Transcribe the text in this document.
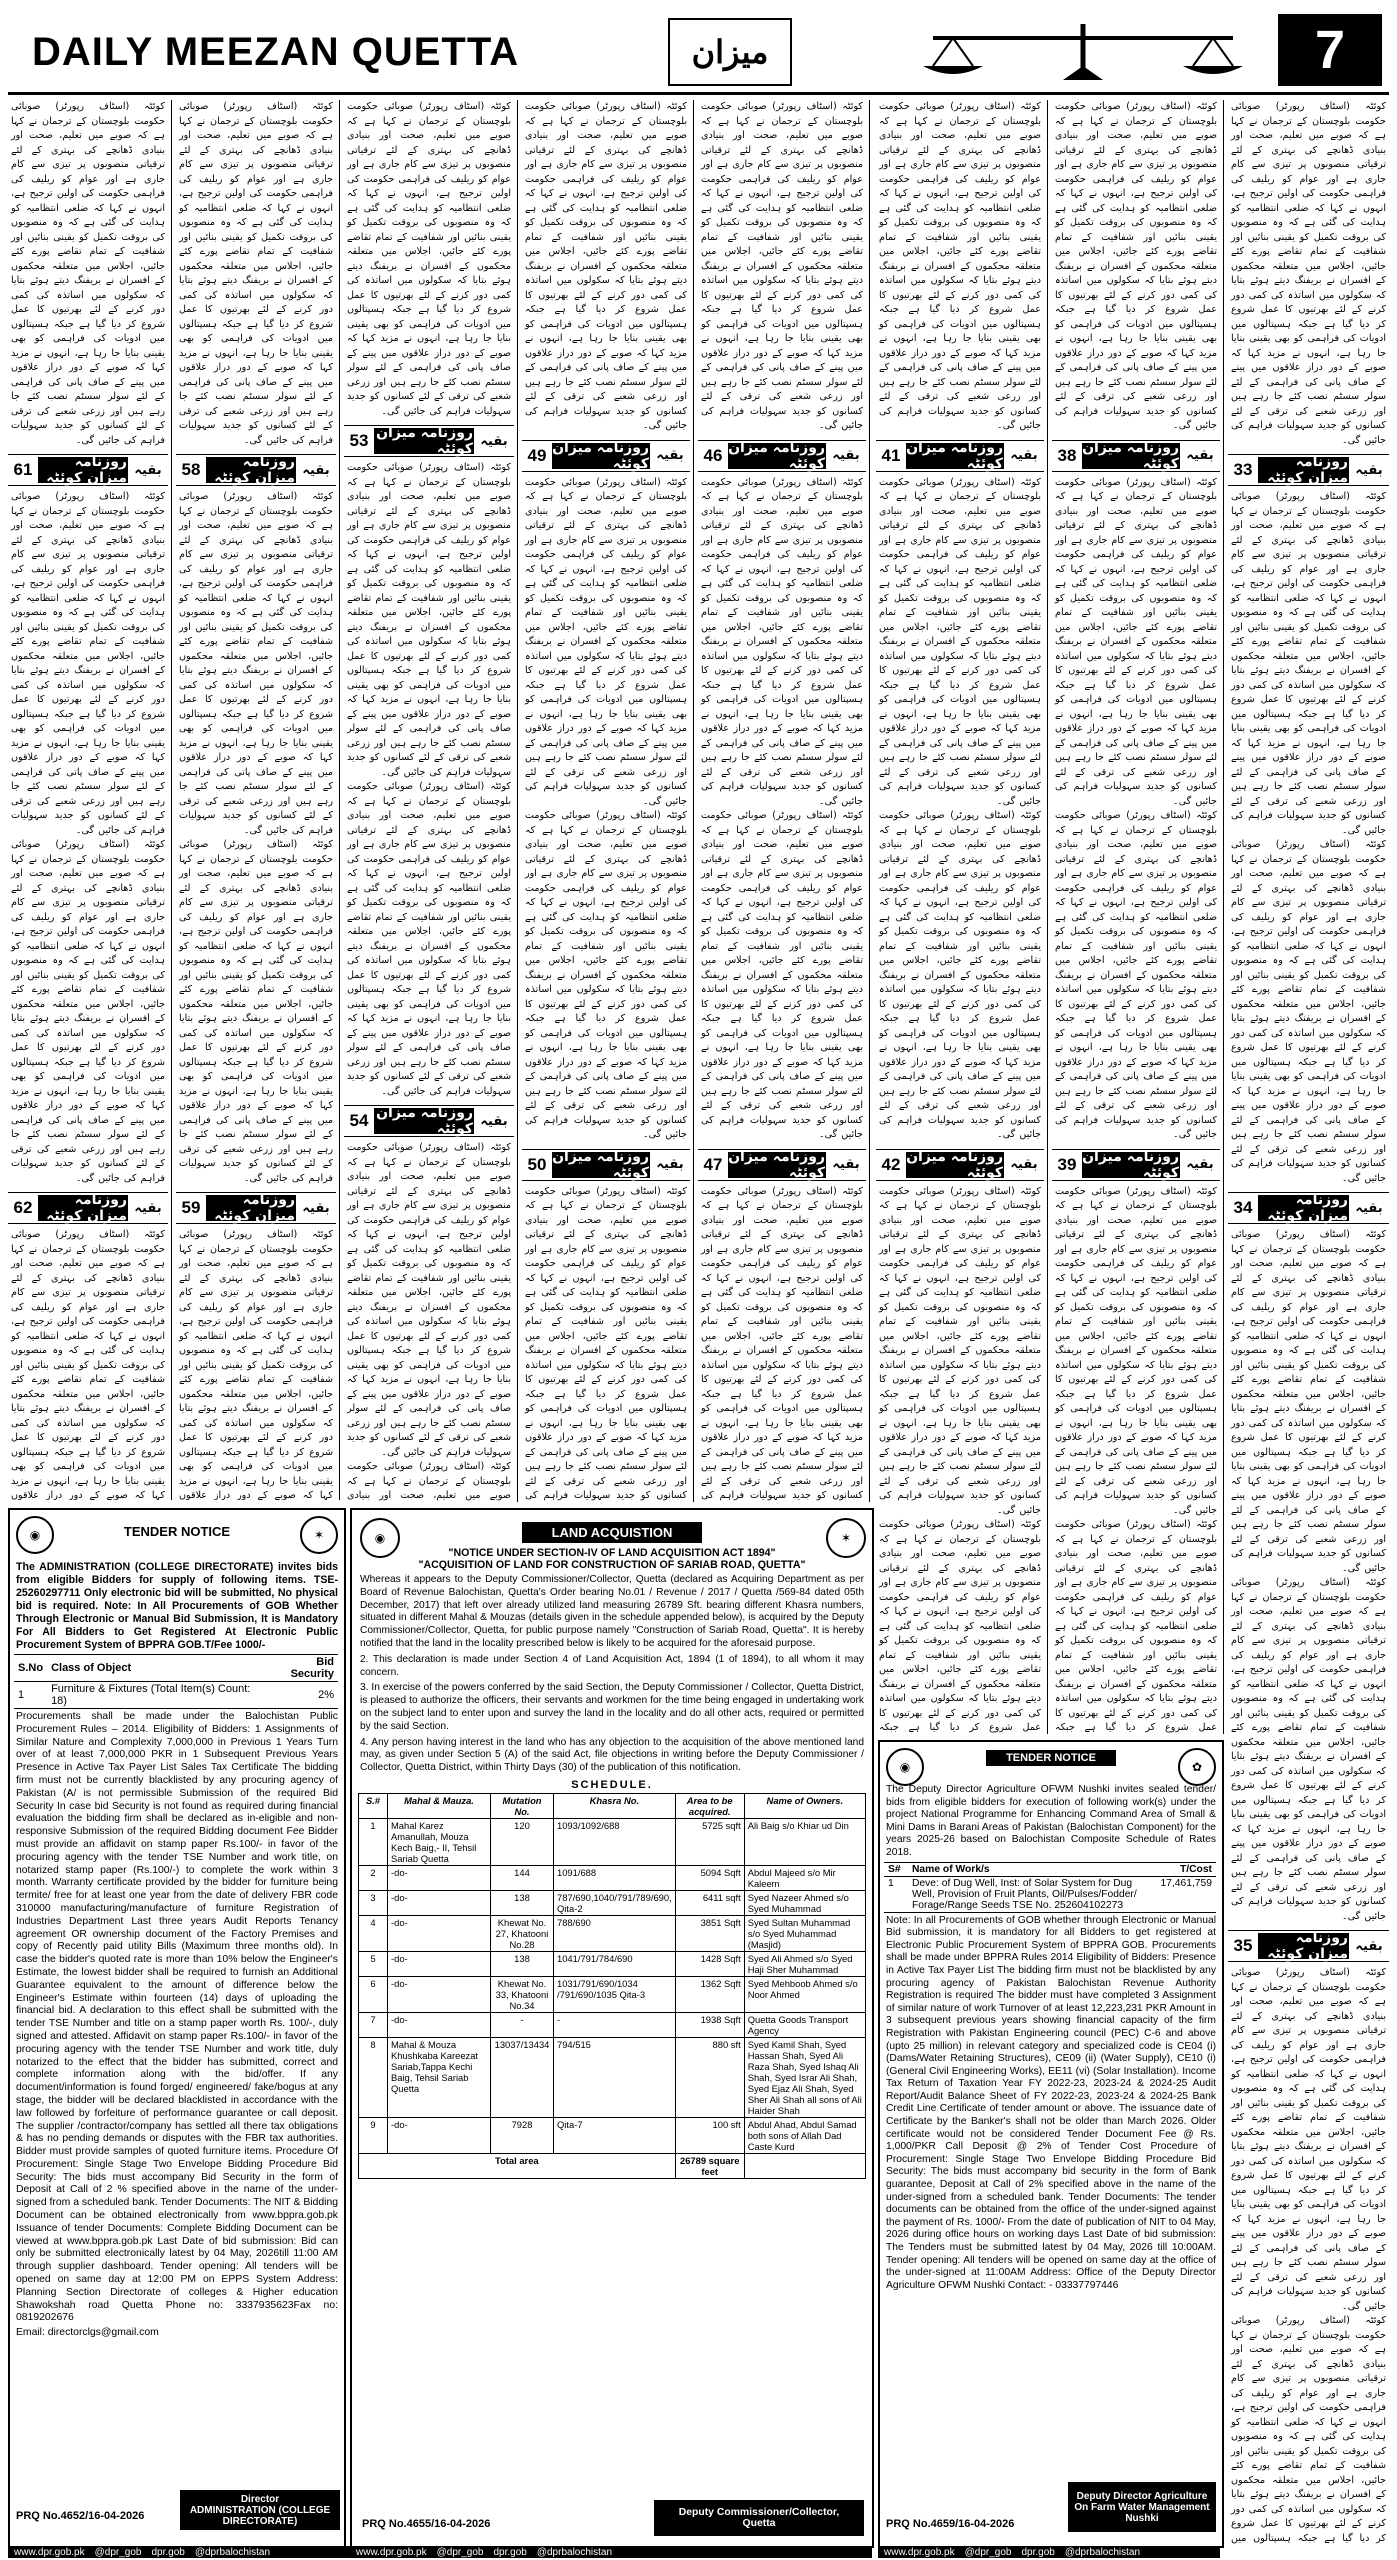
DAILY MEEZAN QUETTA	میزان	7
کوئٹہ (اسٹاف رپورٹر) صوبائی حکومت بلوچستان کے ترجمان نے کہا ہے کہ صوبے میں تعلیم، صحت اور بنیادی ڈھانچے کی بہتری کے لئے ترقیاتی منصوبوں پر تیزی سے کام جاری ہے اور عوام کو ریلیف کی فراہمی حکومت کی اولین ترجیح ہے، انہوں نے کہا کہ ضلعی انتظامیہ کو ہدایت کی گئی ہے کہ وہ منصوبوں کی بروقت تکمیل کو یقینی بنائیں اور شفافیت کے تمام تقاضے پورے کئے جائیں، اجلاس میں متعلقہ محکموں کے افسران نے بریفنگ دیتے ہوئے بتایا کہ سکولوں میں اساتذہ کی کمی دور کرنے کے لئے بھرتیوں کا عمل شروع کر دیا گیا ہے جبکہ ہسپتالوں میں ادویات کی فراہمی کو بھی یقینی بنایا جا رہا ہے، انہوں نے مزید کہا کہ صوبے کے دور دراز علاقوں میں پینے کے صاف پانی کی فراہمی کے لئے سولر سسٹم نصب کئے جا رہے ہیں اور زرعی شعبے کی ترقی کے لئے کسانوں کو جدید سہولیات فراہم کی جائیں گی۔
61	روزنامہ میزان کوئٹہ بقیہ
کوئٹہ (اسٹاف رپورٹر) صوبائی حکومت بلوچستان کے ترجمان نے کہا ہے کہ صوبے میں تعلیم، صحت اور بنیادی ڈھانچے کی بہتری کے لئے ترقیاتی منصوبوں پر تیزی سے کام جاری ہے اور عوام کو ریلیف کی فراہمی حکومت کی اولین ترجیح ہے، انہوں نے کہا کہ ضلعی انتظامیہ کو ہدایت کی گئی ہے کہ وہ منصوبوں کی بروقت تکمیل کو یقینی بنائیں اور شفافیت کے تمام تقاضے پورے کئے جائیں، اجلاس میں متعلقہ محکموں کے افسران نے بریفنگ دیتے ہوئے بتایا کہ سکولوں میں اساتذہ کی کمی دور کرنے کے لئے بھرتیوں کا عمل شروع کر دیا گیا ہے جبکہ ہسپتالوں میں ادویات کی فراہمی کو بھی یقینی بنایا جا رہا ہے، انہوں نے مزید کہا کہ صوبے کے دور دراز علاقوں میں پینے کے صاف پانی کی فراہمی کے لئے سولر سسٹم نصب کئے جا رہے ہیں اور زرعی شعبے کی ترقی کے لئے کسانوں کو جدید سہولیات فراہم کی جائیں گی۔
کوئٹہ (اسٹاف رپورٹر) صوبائی حکومت بلوچستان کے ترجمان نے کہا ہے کہ صوبے میں تعلیم، صحت اور بنیادی ڈھانچے کی بہتری کے لئے ترقیاتی منصوبوں پر تیزی سے کام جاری ہے اور عوام کو ریلیف کی فراہمی حکومت کی اولین ترجیح ہے، انہوں نے کہا کہ ضلعی انتظامیہ کو ہدایت کی گئی ہے کہ وہ منصوبوں کی بروقت تکمیل کو یقینی بنائیں اور شفافیت کے تمام تقاضے پورے کئے جائیں، اجلاس میں متعلقہ محکموں کے افسران نے بریفنگ دیتے ہوئے بتایا کہ سکولوں میں اساتذہ کی کمی دور کرنے کے لئے بھرتیوں کا عمل شروع کر دیا گیا ہے جبکہ ہسپتالوں میں ادویات کی فراہمی کو بھی یقینی بنایا جا رہا ہے، انہوں نے مزید کہا کہ صوبے کے دور دراز علاقوں میں پینے کے صاف پانی کی فراہمی کے لئے سولر سسٹم نصب کئے جا رہے ہیں اور زرعی شعبے کی ترقی کے لئے کسانوں کو جدید سہولیات فراہم کی جائیں گی۔
62	روزنامہ میزان کوئٹہ بقیہ
کوئٹہ (اسٹاف رپورٹر) صوبائی حکومت بلوچستان کے ترجمان نے کہا ہے کہ صوبے میں تعلیم، صحت اور بنیادی ڈھانچے کی بہتری کے لئے ترقیاتی منصوبوں پر تیزی سے کام جاری ہے اور عوام کو ریلیف کی فراہمی حکومت کی اولین ترجیح ہے، انہوں نے کہا کہ ضلعی انتظامیہ کو ہدایت کی گئی ہے کہ وہ منصوبوں کی بروقت تکمیل کو یقینی بنائیں اور شفافیت کے تمام تقاضے پورے کئے جائیں، اجلاس میں متعلقہ محکموں کے افسران نے بریفنگ دیتے ہوئے بتایا کہ سکولوں میں اساتذہ کی کمی دور کرنے کے لئے بھرتیوں کا عمل شروع کر دیا گیا ہے جبکہ ہسپتالوں میں ادویات کی فراہمی کو بھی یقینی بنایا جا رہا ہے، انہوں نے مزید کہا کہ صوبے کے دور دراز علاقوں
کوئٹہ (اسٹاف رپورٹر) صوبائی حکومت بلوچستان کے ترجمان نے کہا ہے کہ صوبے میں تعلیم، صحت اور بنیادی ڈھانچے کی بہتری کے لئے ترقیاتی منصوبوں پر تیزی سے کام جاری ہے اور عوام کو ریلیف کی فراہمی حکومت کی اولین ترجیح ہے، انہوں نے کہا کہ ضلعی انتظامیہ کو ہدایت کی گئی ہے کہ وہ منصوبوں کی بروقت تکمیل کو یقینی بنائیں اور شفافیت کے تمام تقاضے پورے کئے جائیں، اجلاس میں متعلقہ محکموں کے افسران نے بریفنگ دیتے ہوئے بتایا کہ سکولوں میں اساتذہ کی کمی دور کرنے کے لئے بھرتیوں کا عمل شروع کر دیا گیا ہے جبکہ ہسپتالوں میں ادویات کی فراہمی کو بھی یقینی بنایا جا رہا ہے، انہوں نے مزید کہا کہ صوبے کے دور دراز علاقوں میں پینے کے صاف پانی کی فراہمی کے لئے سولر سسٹم نصب کئے جا رہے ہیں اور زرعی شعبے کی ترقی کے لئے کسانوں کو جدید سہولیات فراہم کی جائیں گی۔
58	روزنامہ میزان کوئٹہ بقیہ
کوئٹہ (اسٹاف رپورٹر) صوبائی حکومت بلوچستان کے ترجمان نے کہا ہے کہ صوبے میں تعلیم، صحت اور بنیادی ڈھانچے کی بہتری کے لئے ترقیاتی منصوبوں پر تیزی سے کام جاری ہے اور عوام کو ریلیف کی فراہمی حکومت کی اولین ترجیح ہے، انہوں نے کہا کہ ضلعی انتظامیہ کو ہدایت کی گئی ہے کہ وہ منصوبوں کی بروقت تکمیل کو یقینی بنائیں اور شفافیت کے تمام تقاضے پورے کئے جائیں، اجلاس میں متعلقہ محکموں کے افسران نے بریفنگ دیتے ہوئے بتایا کہ سکولوں میں اساتذہ کی کمی دور کرنے کے لئے بھرتیوں کا عمل شروع کر دیا گیا ہے جبکہ ہسپتالوں میں ادویات کی فراہمی کو بھی یقینی بنایا جا رہا ہے، انہوں نے مزید کہا کہ صوبے کے دور دراز علاقوں میں پینے کے صاف پانی کی فراہمی کے لئے سولر سسٹم نصب کئے جا رہے ہیں اور زرعی شعبے کی ترقی کے لئے کسانوں کو جدید سہولیات فراہم کی جائیں گی۔
کوئٹہ (اسٹاف رپورٹر) صوبائی حکومت بلوچستان کے ترجمان نے کہا ہے کہ صوبے میں تعلیم، صحت اور بنیادی ڈھانچے کی بہتری کے لئے ترقیاتی منصوبوں پر تیزی سے کام جاری ہے اور عوام کو ریلیف کی فراہمی حکومت کی اولین ترجیح ہے، انہوں نے کہا کہ ضلعی انتظامیہ کو ہدایت کی گئی ہے کہ وہ منصوبوں کی بروقت تکمیل کو یقینی بنائیں اور شفافیت کے تمام تقاضے پورے کئے جائیں، اجلاس میں متعلقہ محکموں کے افسران نے بریفنگ دیتے ہوئے بتایا کہ سکولوں میں اساتذہ کی کمی دور کرنے کے لئے بھرتیوں کا عمل شروع کر دیا گیا ہے جبکہ ہسپتالوں میں ادویات کی فراہمی کو بھی یقینی بنایا جا رہا ہے، انہوں نے مزید کہا کہ صوبے کے دور دراز علاقوں میں پینے کے صاف پانی کی فراہمی کے لئے سولر سسٹم نصب کئے جا رہے ہیں اور زرعی شعبے کی ترقی کے لئے کسانوں کو جدید سہولیات فراہم کی جائیں گی۔
59	روزنامہ میزان کوئٹہ بقیہ
کوئٹہ (اسٹاف رپورٹر) صوبائی حکومت بلوچستان کے ترجمان نے کہا ہے کہ صوبے میں تعلیم، صحت اور بنیادی ڈھانچے کی بہتری کے لئے ترقیاتی منصوبوں پر تیزی سے کام جاری ہے اور عوام کو ریلیف کی فراہمی حکومت کی اولین ترجیح ہے، انہوں نے کہا کہ ضلعی انتظامیہ کو ہدایت کی گئی ہے کہ وہ منصوبوں کی بروقت تکمیل کو یقینی بنائیں اور شفافیت کے تمام تقاضے پورے کئے جائیں، اجلاس میں متعلقہ محکموں کے افسران نے بریفنگ دیتے ہوئے بتایا کہ سکولوں میں اساتذہ کی کمی دور کرنے کے لئے بھرتیوں کا عمل شروع کر دیا گیا ہے جبکہ ہسپتالوں میں ادویات کی فراہمی کو بھی یقینی بنایا جا رہا ہے، انہوں نے مزید کہا کہ صوبے کے دور دراز علاقوں
کوئٹہ (اسٹاف رپورٹر) صوبائی حکومت بلوچستان کے ترجمان نے کہا ہے کہ صوبے میں تعلیم، صحت اور بنیادی ڈھانچے کی بہتری کے لئے ترقیاتی منصوبوں پر تیزی سے کام جاری ہے اور عوام کو ریلیف کی فراہمی حکومت کی اولین ترجیح ہے، انہوں نے کہا کہ ضلعی انتظامیہ کو ہدایت کی گئی ہے کہ وہ منصوبوں کی بروقت تکمیل کو یقینی بنائیں اور شفافیت کے تمام تقاضے پورے کئے جائیں، اجلاس میں متعلقہ محکموں کے افسران نے بریفنگ دیتے ہوئے بتایا کہ سکولوں میں اساتذہ کی کمی دور کرنے کے لئے بھرتیوں کا عمل شروع کر دیا گیا ہے جبکہ ہسپتالوں میں ادویات کی فراہمی کو بھی یقینی بنایا جا رہا ہے، انہوں نے مزید کہا کہ صوبے کے دور دراز علاقوں میں پینے کے صاف پانی کی فراہمی کے لئے سولر سسٹم نصب کئے جا رہے ہیں اور زرعی شعبے کی ترقی کے لئے کسانوں کو جدید سہولیات فراہم کی جائیں گی۔
53 روزنامہ میزان کوئٹہ بقیہ
کوئٹہ (اسٹاف رپورٹر) صوبائی حکومت بلوچستان کے ترجمان نے کہا ہے کہ صوبے میں تعلیم، صحت اور بنیادی ڈھانچے کی بہتری کے لئے ترقیاتی منصوبوں پر تیزی سے کام جاری ہے اور عوام کو ریلیف کی فراہمی حکومت کی اولین ترجیح ہے، انہوں نے کہا کہ ضلعی انتظامیہ کو ہدایت کی گئی ہے کہ وہ منصوبوں کی بروقت تکمیل کو یقینی بنائیں اور شفافیت کے تمام تقاضے پورے کئے جائیں، اجلاس میں متعلقہ محکموں کے افسران نے بریفنگ دیتے ہوئے بتایا کہ سکولوں میں اساتذہ کی کمی دور کرنے کے لئے بھرتیوں کا عمل شروع کر دیا گیا ہے جبکہ ہسپتالوں میں ادویات کی فراہمی کو بھی یقینی بنایا جا رہا ہے، انہوں نے مزید کہا کہ صوبے کے دور دراز علاقوں میں پینے کے صاف پانی کی فراہمی کے لئے سولر سسٹم نصب کئے جا رہے ہیں اور زرعی شعبے کی ترقی کے لئے کسانوں کو جدید سہولیات فراہم کی جائیں گی۔
کوئٹہ (اسٹاف رپورٹر) صوبائی حکومت بلوچستان کے ترجمان نے کہا ہے کہ صوبے میں تعلیم، صحت اور بنیادی ڈھانچے کی بہتری کے لئے ترقیاتی منصوبوں پر تیزی سے کام جاری ہے اور عوام کو ریلیف کی فراہمی حکومت کی اولین ترجیح ہے، انہوں نے کہا کہ ضلعی انتظامیہ کو ہدایت کی گئی ہے کہ وہ منصوبوں کی بروقت تکمیل کو یقینی بنائیں اور شفافیت کے تمام تقاضے پورے کئے جائیں، اجلاس میں متعلقہ محکموں کے افسران نے بریفنگ دیتے ہوئے بتایا کہ سکولوں میں اساتذہ کی کمی دور کرنے کے لئے بھرتیوں کا عمل شروع کر دیا گیا ہے جبکہ ہسپتالوں میں ادویات کی فراہمی کو بھی یقینی بنایا جا رہا ہے، انہوں نے مزید کہا کہ صوبے کے دور دراز علاقوں میں پینے کے صاف پانی کی فراہمی کے لئے سولر سسٹم نصب کئے جا رہے ہیں اور زرعی شعبے کی ترقی کے لئے کسانوں کو جدید سہولیات فراہم کی جائیں گی۔
54 روزنامہ میزان کوئٹہ بقیہ
کوئٹہ (اسٹاف رپورٹر) صوبائی حکومت بلوچستان کے ترجمان نے کہا ہے کہ صوبے میں تعلیم، صحت اور بنیادی ڈھانچے کی بہتری کے لئے ترقیاتی منصوبوں پر تیزی سے کام جاری ہے اور عوام کو ریلیف کی فراہمی حکومت کی اولین ترجیح ہے، انہوں نے کہا کہ ضلعی انتظامیہ کو ہدایت کی گئی ہے کہ وہ منصوبوں کی بروقت تکمیل کو یقینی بنائیں اور شفافیت کے تمام تقاضے پورے کئے جائیں، اجلاس میں متعلقہ محکموں کے افسران نے بریفنگ دیتے ہوئے بتایا کہ سکولوں میں اساتذہ کی کمی دور کرنے کے لئے بھرتیوں کا عمل شروع کر دیا گیا ہے جبکہ ہسپتالوں میں ادویات کی فراہمی کو بھی یقینی بنایا جا رہا ہے، انہوں نے مزید کہا کہ صوبے کے دور دراز علاقوں میں پینے کے صاف پانی کی فراہمی کے لئے سولر سسٹم نصب کئے جا رہے ہیں اور زرعی شعبے کی ترقی کے لئے کسانوں کو جدید سہولیات فراہم کی جائیں گی۔
کوئٹہ (اسٹاف رپورٹر) صوبائی حکومت بلوچستان کے ترجمان نے کہا ہے کہ صوبے میں تعلیم، صحت اور بنیادی
کوئٹہ (اسٹاف رپورٹر) صوبائی حکومت بلوچستان کے ترجمان نے کہا ہے کہ صوبے میں تعلیم، صحت اور بنیادی ڈھانچے کی بہتری کے لئے ترقیاتی منصوبوں پر تیزی سے کام جاری ہے اور عوام کو ریلیف کی فراہمی حکومت کی اولین ترجیح ہے، انہوں نے کہا کہ ضلعی انتظامیہ کو ہدایت کی گئی ہے کہ وہ منصوبوں کی بروقت تکمیل کو یقینی بنائیں اور شفافیت کے تمام تقاضے پورے کئے جائیں، اجلاس میں متعلقہ محکموں کے افسران نے بریفنگ دیتے ہوئے بتایا کہ سکولوں میں اساتذہ کی کمی دور کرنے کے لئے بھرتیوں کا عمل شروع کر دیا گیا ہے جبکہ ہسپتالوں میں ادویات کی فراہمی کو بھی یقینی بنایا جا رہا ہے، انہوں نے مزید کہا کہ صوبے کے دور دراز علاقوں میں پینے کے صاف پانی کی فراہمی کے لئے سولر سسٹم نصب کئے جا رہے ہیں اور زرعی شعبے کی ترقی کے لئے کسانوں کو جدید سہولیات فراہم کی جائیں گی۔
49 روزنامہ میزان کوئٹہ بقیہ
کوئٹہ (اسٹاف رپورٹر) صوبائی حکومت بلوچستان کے ترجمان نے کہا ہے کہ صوبے میں تعلیم، صحت اور بنیادی ڈھانچے کی بہتری کے لئے ترقیاتی منصوبوں پر تیزی سے کام جاری ہے اور عوام کو ریلیف کی فراہمی حکومت کی اولین ترجیح ہے، انہوں نے کہا کہ ضلعی انتظامیہ کو ہدایت کی گئی ہے کہ وہ منصوبوں کی بروقت تکمیل کو یقینی بنائیں اور شفافیت کے تمام تقاضے پورے کئے جائیں، اجلاس میں متعلقہ محکموں کے افسران نے بریفنگ دیتے ہوئے بتایا کہ سکولوں میں اساتذہ کی کمی دور کرنے کے لئے بھرتیوں کا عمل شروع کر دیا گیا ہے جبکہ ہسپتالوں میں ادویات کی فراہمی کو بھی یقینی بنایا جا رہا ہے، انہوں نے مزید کہا کہ صوبے کے دور دراز علاقوں میں پینے کے صاف پانی کی فراہمی کے لئے سولر سسٹم نصب کئے جا رہے ہیں اور زرعی شعبے کی ترقی کے لئے کسانوں کو جدید سہولیات فراہم کی جائیں گی۔
کوئٹہ (اسٹاف رپورٹر) صوبائی حکومت بلوچستان کے ترجمان نے کہا ہے کہ صوبے میں تعلیم، صحت اور بنیادی ڈھانچے کی بہتری کے لئے ترقیاتی منصوبوں پر تیزی سے کام جاری ہے اور عوام کو ریلیف کی فراہمی حکومت کی اولین ترجیح ہے، انہوں نے کہا کہ ضلعی انتظامیہ کو ہدایت کی گئی ہے کہ وہ منصوبوں کی بروقت تکمیل کو یقینی بنائیں اور شفافیت کے تمام تقاضے پورے کئے جائیں، اجلاس میں متعلقہ محکموں کے افسران نے بریفنگ دیتے ہوئے بتایا کہ سکولوں میں اساتذہ کی کمی دور کرنے کے لئے بھرتیوں کا عمل شروع کر دیا گیا ہے جبکہ ہسپتالوں میں ادویات کی فراہمی کو بھی یقینی بنایا جا رہا ہے، انہوں نے مزید کہا کہ صوبے کے دور دراز علاقوں میں پینے کے صاف پانی کی فراہمی کے لئے سولر سسٹم نصب کئے جا رہے ہیں اور زرعی شعبے کی ترقی کے لئے کسانوں کو جدید سہولیات فراہم کی جائیں گی۔
50 روزنامہ میزان کوئٹہ بقیہ
کوئٹہ (اسٹاف رپورٹر) صوبائی حکومت بلوچستان کے ترجمان نے کہا ہے کہ صوبے میں تعلیم، صحت اور بنیادی ڈھانچے کی بہتری کے لئے ترقیاتی منصوبوں پر تیزی سے کام جاری ہے اور عوام کو ریلیف کی فراہمی حکومت کی اولین ترجیح ہے، انہوں نے کہا کہ ضلعی انتظامیہ کو ہدایت کی گئی ہے کہ وہ منصوبوں کی بروقت تکمیل کو یقینی بنائیں اور شفافیت کے تمام تقاضے پورے کئے جائیں، اجلاس میں متعلقہ محکموں کے افسران نے بریفنگ دیتے ہوئے بتایا کہ سکولوں میں اساتذہ کی کمی دور کرنے کے لئے بھرتیوں کا عمل شروع کر دیا گیا ہے جبکہ ہسپتالوں میں ادویات کی فراہمی کو بھی یقینی بنایا جا رہا ہے، انہوں نے مزید کہا کہ صوبے کے دور دراز علاقوں میں پینے کے صاف پانی کی فراہمی کے لئے سولر سسٹم نصب کئے جا رہے ہیں اور زرعی شعبے کی ترقی کے لئے کسانوں کو جدید سہولیات فراہم کی
کوئٹہ (اسٹاف رپورٹر) صوبائی حکومت بلوچستان کے ترجمان نے کہا ہے کہ صوبے میں تعلیم، صحت اور بنیادی ڈھانچے کی بہتری کے لئے ترقیاتی منصوبوں پر تیزی سے کام جاری ہے اور عوام کو ریلیف کی فراہمی حکومت کی اولین ترجیح ہے، انہوں نے کہا کہ ضلعی انتظامیہ کو ہدایت کی گئی ہے کہ وہ منصوبوں کی بروقت تکمیل کو یقینی بنائیں اور شفافیت کے تمام تقاضے پورے کئے جائیں، اجلاس میں متعلقہ محکموں کے افسران نے بریفنگ دیتے ہوئے بتایا کہ سکولوں میں اساتذہ کی کمی دور کرنے کے لئے بھرتیوں کا عمل شروع کر دیا گیا ہے جبکہ ہسپتالوں میں ادویات کی فراہمی کو بھی یقینی بنایا جا رہا ہے، انہوں نے مزید کہا کہ صوبے کے دور دراز علاقوں میں پینے کے صاف پانی کی فراہمی کے لئے سولر سسٹم نصب کئے جا رہے ہیں اور زرعی شعبے کی ترقی کے لئے کسانوں کو جدید سہولیات فراہم کی جائیں گی۔
46 روزنامہ میزان کوئٹہ بقیہ
کوئٹہ (اسٹاف رپورٹر) صوبائی حکومت بلوچستان کے ترجمان نے کہا ہے کہ صوبے میں تعلیم، صحت اور بنیادی ڈھانچے کی بہتری کے لئے ترقیاتی منصوبوں پر تیزی سے کام جاری ہے اور عوام کو ریلیف کی فراہمی حکومت کی اولین ترجیح ہے، انہوں نے کہا کہ ضلعی انتظامیہ کو ہدایت کی گئی ہے کہ وہ منصوبوں کی بروقت تکمیل کو یقینی بنائیں اور شفافیت کے تمام تقاضے پورے کئے جائیں، اجلاس میں متعلقہ محکموں کے افسران نے بریفنگ دیتے ہوئے بتایا کہ سکولوں میں اساتذہ کی کمی دور کرنے کے لئے بھرتیوں کا عمل شروع کر دیا گیا ہے جبکہ ہسپتالوں میں ادویات کی فراہمی کو بھی یقینی بنایا جا رہا ہے، انہوں نے مزید کہا کہ صوبے کے دور دراز علاقوں میں پینے کے صاف پانی کی فراہمی کے لئے سولر سسٹم نصب کئے جا رہے ہیں اور زرعی شعبے کی ترقی کے لئے کسانوں کو جدید سہولیات فراہم کی جائیں گی۔
کوئٹہ (اسٹاف رپورٹر) صوبائی حکومت بلوچستان کے ترجمان نے کہا ہے کہ صوبے میں تعلیم، صحت اور بنیادی ڈھانچے کی بہتری کے لئے ترقیاتی منصوبوں پر تیزی سے کام جاری ہے اور عوام کو ریلیف کی فراہمی حکومت کی اولین ترجیح ہے، انہوں نے کہا کہ ضلعی انتظامیہ کو ہدایت کی گئی ہے کہ وہ منصوبوں کی بروقت تکمیل کو یقینی بنائیں اور شفافیت کے تمام تقاضے پورے کئے جائیں، اجلاس میں متعلقہ محکموں کے افسران نے بریفنگ دیتے ہوئے بتایا کہ سکولوں میں اساتذہ کی کمی دور کرنے کے لئے بھرتیوں کا عمل شروع کر دیا گیا ہے جبکہ ہسپتالوں میں ادویات کی فراہمی کو بھی یقینی بنایا جا رہا ہے، انہوں نے مزید کہا کہ صوبے کے دور دراز علاقوں میں پینے کے صاف پانی کی فراہمی کے لئے سولر سسٹم نصب کئے جا رہے ہیں اور زرعی شعبے کی ترقی کے لئے کسانوں کو جدید سہولیات فراہم کی جائیں گی۔
47 روزنامہ میزان کوئٹہ بقیہ
کوئٹہ (اسٹاف رپورٹر) صوبائی حکومت بلوچستان کے ترجمان نے کہا ہے کہ صوبے میں تعلیم، صحت اور بنیادی ڈھانچے کی بہتری کے لئے ترقیاتی منصوبوں پر تیزی سے کام جاری ہے اور عوام کو ریلیف کی فراہمی حکومت کی اولین ترجیح ہے، انہوں نے کہا کہ ضلعی انتظامیہ کو ہدایت کی گئی ہے کہ وہ منصوبوں کی بروقت تکمیل کو یقینی بنائیں اور شفافیت کے تمام تقاضے پورے کئے جائیں، اجلاس میں متعلقہ محکموں کے افسران نے بریفنگ دیتے ہوئے بتایا کہ سکولوں میں اساتذہ کی کمی دور کرنے کے لئے بھرتیوں کا عمل شروع کر دیا گیا ہے جبکہ ہسپتالوں میں ادویات کی فراہمی کو بھی یقینی بنایا جا رہا ہے، انہوں نے مزید کہا کہ صوبے کے دور دراز علاقوں میں پینے کے صاف پانی کی فراہمی کے لئے سولر سسٹم نصب کئے جا رہے ہیں اور زرعی شعبے کی ترقی کے لئے کسانوں کو جدید سہولیات فراہم کی
کوئٹہ (اسٹاف رپورٹر) صوبائی حکومت بلوچستان کے ترجمان نے کہا ہے کہ صوبے میں تعلیم، صحت اور بنیادی ڈھانچے کی بہتری کے لئے ترقیاتی منصوبوں پر تیزی سے کام جاری ہے اور عوام کو ریلیف کی فراہمی حکومت کی اولین ترجیح ہے، انہوں نے کہا کہ ضلعی انتظامیہ کو ہدایت کی گئی ہے کہ وہ منصوبوں کی بروقت تکمیل کو یقینی بنائیں اور شفافیت کے تمام تقاضے پورے کئے جائیں، اجلاس میں متعلقہ محکموں کے افسران نے بریفنگ دیتے ہوئے بتایا کہ سکولوں میں اساتذہ کی کمی دور کرنے کے لئے بھرتیوں کا عمل شروع کر دیا گیا ہے جبکہ ہسپتالوں میں ادویات کی فراہمی کو بھی یقینی بنایا جا رہا ہے، انہوں نے مزید کہا کہ صوبے کے دور دراز علاقوں میں پینے کے صاف پانی کی فراہمی کے لئے سولر سسٹم نصب کئے جا رہے ہیں اور زرعی شعبے کی ترقی کے لئے کسانوں کو جدید سہولیات فراہم کی جائیں گی۔
41 روزنامہ میزان کوئٹہ بقیہ
کوئٹہ (اسٹاف رپورٹر) صوبائی حکومت بلوچستان کے ترجمان نے کہا ہے کہ صوبے میں تعلیم، صحت اور بنیادی ڈھانچے کی بہتری کے لئے ترقیاتی منصوبوں پر تیزی سے کام جاری ہے اور عوام کو ریلیف کی فراہمی حکومت کی اولین ترجیح ہے، انہوں نے کہا کہ ضلعی انتظامیہ کو ہدایت کی گئی ہے کہ وہ منصوبوں کی بروقت تکمیل کو یقینی بنائیں اور شفافیت کے تمام تقاضے پورے کئے جائیں، اجلاس میں متعلقہ محکموں کے افسران نے بریفنگ دیتے ہوئے بتایا کہ سکولوں میں اساتذہ کی کمی دور کرنے کے لئے بھرتیوں کا عمل شروع کر دیا گیا ہے جبکہ ہسپتالوں میں ادویات کی فراہمی کو بھی یقینی بنایا جا رہا ہے، انہوں نے مزید کہا کہ صوبے کے دور دراز علاقوں میں پینے کے صاف پانی کی فراہمی کے لئے سولر سسٹم نصب کئے جا رہے ہیں اور زرعی شعبے کی ترقی کے لئے کسانوں کو جدید سہولیات فراہم کی جائیں گی۔
کوئٹہ (اسٹاف رپورٹر) صوبائی حکومت بلوچستان کے ترجمان نے کہا ہے کہ صوبے میں تعلیم، صحت اور بنیادی ڈھانچے کی بہتری کے لئے ترقیاتی منصوبوں پر تیزی سے کام جاری ہے اور عوام کو ریلیف کی فراہمی حکومت کی اولین ترجیح ہے، انہوں نے کہا کہ ضلعی انتظامیہ کو ہدایت کی گئی ہے کہ وہ منصوبوں کی بروقت تکمیل کو یقینی بنائیں اور شفافیت کے تمام تقاضے پورے کئے جائیں، اجلاس میں متعلقہ محکموں کے افسران نے بریفنگ دیتے ہوئے بتایا کہ سکولوں میں اساتذہ کی کمی دور کرنے کے لئے بھرتیوں کا عمل شروع کر دیا گیا ہے جبکہ ہسپتالوں میں ادویات کی فراہمی کو بھی یقینی بنایا جا رہا ہے، انہوں نے مزید کہا کہ صوبے کے دور دراز علاقوں میں پینے کے صاف پانی کی فراہمی کے لئے سولر سسٹم نصب کئے جا رہے ہیں اور زرعی شعبے کی ترقی کے لئے کسانوں کو جدید سہولیات فراہم کی جائیں گی۔
42 روزنامہ میزان کوئٹہ بقیہ
کوئٹہ (اسٹاف رپورٹر) صوبائی حکومت بلوچستان کے ترجمان نے کہا ہے کہ صوبے میں تعلیم، صحت اور بنیادی ڈھانچے کی بہتری کے لئے ترقیاتی منصوبوں پر تیزی سے کام جاری ہے اور عوام کو ریلیف کی فراہمی حکومت کی اولین ترجیح ہے، انہوں نے کہا کہ ضلعی انتظامیہ کو ہدایت کی گئی ہے کہ وہ منصوبوں کی بروقت تکمیل کو یقینی بنائیں اور شفافیت کے تمام تقاضے پورے کئے جائیں، اجلاس میں متعلقہ محکموں کے افسران نے بریفنگ دیتے ہوئے بتایا کہ سکولوں میں اساتذہ کی کمی دور کرنے کے لئے بھرتیوں کا عمل شروع کر دیا گیا ہے جبکہ ہسپتالوں میں ادویات کی فراہمی کو بھی یقینی بنایا جا رہا ہے، انہوں نے مزید کہا کہ صوبے کے دور دراز علاقوں میں پینے کے صاف پانی کی فراہمی کے لئے سولر سسٹم نصب کئے جا رہے ہیں اور زرعی شعبے کی ترقی کے لئے کسانوں کو جدید سہولیات فراہم کی جائیں گی۔
کوئٹہ (اسٹاف رپورٹر) صوبائی حکومت بلوچستان کے ترجمان نے کہا ہے کہ صوبے میں تعلیم، صحت اور بنیادی ڈھانچے کی بہتری کے لئے ترقیاتی منصوبوں پر تیزی سے کام جاری ہے اور عوام کو ریلیف کی فراہمی حکومت کی اولین ترجیح ہے، انہوں نے کہا کہ ضلعی انتظامیہ کو ہدایت کی گئی ہے کہ وہ منصوبوں کی بروقت تکمیل کو یقینی بنائیں اور شفافیت کے تمام تقاضے پورے کئے جائیں، اجلاس میں متعلقہ محکموں کے افسران نے بریفنگ دیتے ہوئے بتایا کہ سکولوں میں اساتذہ کی کمی دور کرنے کے لئے بھرتیوں کا عمل شروع کر دیا گیا ہے جبکہ
کوئٹہ (اسٹاف رپورٹر) صوبائی حکومت بلوچستان کے ترجمان نے کہا ہے کہ صوبے میں تعلیم، صحت اور بنیادی ڈھانچے کی بہتری کے لئے ترقیاتی منصوبوں پر تیزی سے کام جاری ہے اور عوام کو ریلیف کی فراہمی حکومت کی اولین ترجیح ہے، انہوں نے کہا کہ ضلعی انتظامیہ کو ہدایت کی گئی ہے کہ وہ منصوبوں کی بروقت تکمیل کو یقینی بنائیں اور شفافیت کے تمام تقاضے پورے کئے جائیں، اجلاس میں متعلقہ محکموں کے افسران نے بریفنگ دیتے ہوئے بتایا کہ سکولوں میں اساتذہ کی کمی دور کرنے کے لئے بھرتیوں کا عمل شروع کر دیا گیا ہے جبکہ ہسپتالوں میں ادویات کی فراہمی کو بھی یقینی بنایا جا رہا ہے، انہوں نے مزید کہا کہ صوبے کے دور دراز علاقوں میں پینے کے صاف پانی کی فراہمی کے لئے سولر سسٹم نصب کئے جا رہے ہیں اور زرعی شعبے کی ترقی کے لئے کسانوں کو جدید سہولیات فراہم کی جائیں گی۔
38 روزنامہ میزان کوئٹہ بقیہ
کوئٹہ (اسٹاف رپورٹر) صوبائی حکومت بلوچستان کے ترجمان نے کہا ہے کہ صوبے میں تعلیم، صحت اور بنیادی ڈھانچے کی بہتری کے لئے ترقیاتی منصوبوں پر تیزی سے کام جاری ہے اور عوام کو ریلیف کی فراہمی حکومت کی اولین ترجیح ہے، انہوں نے کہا کہ ضلعی انتظامیہ کو ہدایت کی گئی ہے کہ وہ منصوبوں کی بروقت تکمیل کو یقینی بنائیں اور شفافیت کے تمام تقاضے پورے کئے جائیں، اجلاس میں متعلقہ محکموں کے افسران نے بریفنگ دیتے ہوئے بتایا کہ سکولوں میں اساتذہ کی کمی دور کرنے کے لئے بھرتیوں کا عمل شروع کر دیا گیا ہے جبکہ ہسپتالوں میں ادویات کی فراہمی کو بھی یقینی بنایا جا رہا ہے، انہوں نے مزید کہا کہ صوبے کے دور دراز علاقوں میں پینے کے صاف پانی کی فراہمی کے لئے سولر سسٹم نصب کئے جا رہے ہیں اور زرعی شعبے کی ترقی کے لئے کسانوں کو جدید سہولیات فراہم کی جائیں گی۔
کوئٹہ (اسٹاف رپورٹر) صوبائی حکومت بلوچستان کے ترجمان نے کہا ہے کہ صوبے میں تعلیم، صحت اور بنیادی ڈھانچے کی بہتری کے لئے ترقیاتی منصوبوں پر تیزی سے کام جاری ہے اور عوام کو ریلیف کی فراہمی حکومت کی اولین ترجیح ہے، انہوں نے کہا کہ ضلعی انتظامیہ کو ہدایت کی گئی ہے کہ وہ منصوبوں کی بروقت تکمیل کو یقینی بنائیں اور شفافیت کے تمام تقاضے پورے کئے جائیں، اجلاس میں متعلقہ محکموں کے افسران نے بریفنگ دیتے ہوئے بتایا کہ سکولوں میں اساتذہ کی کمی دور کرنے کے لئے بھرتیوں کا عمل شروع کر دیا گیا ہے جبکہ ہسپتالوں میں ادویات کی فراہمی کو بھی یقینی بنایا جا رہا ہے، انہوں نے مزید کہا کہ صوبے کے دور دراز علاقوں میں پینے کے صاف پانی کی فراہمی کے لئے سولر سسٹم نصب کئے جا رہے ہیں اور زرعی شعبے کی ترقی کے لئے کسانوں کو جدید سہولیات فراہم کی جائیں گی۔
39 روزنامہ میزان کوئٹہ بقیہ
کوئٹہ (اسٹاف رپورٹر) صوبائی حکومت بلوچستان کے ترجمان نے کہا ہے کہ صوبے میں تعلیم، صحت اور بنیادی ڈھانچے کی بہتری کے لئے ترقیاتی منصوبوں پر تیزی سے کام جاری ہے اور عوام کو ریلیف کی فراہمی حکومت کی اولین ترجیح ہے، انہوں نے کہا کہ ضلعی انتظامیہ کو ہدایت کی گئی ہے کہ وہ منصوبوں کی بروقت تکمیل کو یقینی بنائیں اور شفافیت کے تمام تقاضے پورے کئے جائیں، اجلاس میں متعلقہ محکموں کے افسران نے بریفنگ دیتے ہوئے بتایا کہ سکولوں میں اساتذہ کی کمی دور کرنے کے لئے بھرتیوں کا عمل شروع کر دیا گیا ہے جبکہ ہسپتالوں میں ادویات کی فراہمی کو بھی یقینی بنایا جا رہا ہے، انہوں نے مزید کہا کہ صوبے کے دور دراز علاقوں میں پینے کے صاف پانی کی فراہمی کے لئے سولر سسٹم نصب کئے جا رہے ہیں اور زرعی شعبے کی ترقی کے لئے کسانوں کو جدید سہولیات فراہم کی جائیں گی۔
کوئٹہ (اسٹاف رپورٹر) صوبائی حکومت بلوچستان کے ترجمان نے کہا ہے کہ صوبے میں تعلیم، صحت اور بنیادی ڈھانچے کی بہتری کے لئے ترقیاتی منصوبوں پر تیزی سے کام جاری ہے اور عوام کو ریلیف کی فراہمی حکومت کی اولین ترجیح ہے، انہوں نے کہا کہ ضلعی انتظامیہ کو ہدایت کی گئی ہے کہ وہ منصوبوں کی بروقت تکمیل کو یقینی بنائیں اور شفافیت کے تمام تقاضے پورے کئے جائیں، اجلاس میں متعلقہ محکموں کے افسران نے بریفنگ دیتے ہوئے بتایا کہ سکولوں میں اساتذہ کی کمی دور کرنے کے لئے بھرتیوں کا عمل شروع کر دیا گیا ہے جبکہ
کوئٹہ (اسٹاف رپورٹر) صوبائی حکومت بلوچستان کے ترجمان نے کہا ہے کہ صوبے میں تعلیم، صحت اور بنیادی ڈھانچے کی بہتری کے لئے ترقیاتی منصوبوں پر تیزی سے کام جاری ہے اور عوام کو ریلیف کی فراہمی حکومت کی اولین ترجیح ہے، انہوں نے کہا کہ ضلعی انتظامیہ کو ہدایت کی گئی ہے کہ وہ منصوبوں کی بروقت تکمیل کو یقینی بنائیں اور شفافیت کے تمام تقاضے پورے کئے جائیں، اجلاس میں متعلقہ محکموں کے افسران نے بریفنگ دیتے ہوئے بتایا کہ سکولوں میں اساتذہ کی کمی دور کرنے کے لئے بھرتیوں کا عمل شروع کر دیا گیا ہے جبکہ ہسپتالوں میں ادویات کی فراہمی کو بھی یقینی بنایا جا رہا ہے، انہوں نے مزید کہا کہ صوبے کے دور دراز علاقوں میں پینے کے صاف پانی کی فراہمی کے لئے سولر سسٹم نصب کئے جا رہے ہیں اور زرعی شعبے کی ترقی کے لئے کسانوں کو جدید سہولیات فراہم کی جائیں گی۔
33	روزنامہ میزان کوئٹہ بقیہ
کوئٹہ (اسٹاف رپورٹر) صوبائی حکومت بلوچستان کے ترجمان نے کہا ہے کہ صوبے میں تعلیم، صحت اور بنیادی ڈھانچے کی بہتری کے لئے ترقیاتی منصوبوں پر تیزی سے کام جاری ہے اور عوام کو ریلیف کی فراہمی حکومت کی اولین ترجیح ہے، انہوں نے کہا کہ ضلعی انتظامیہ کو ہدایت کی گئی ہے کہ وہ منصوبوں کی بروقت تکمیل کو یقینی بنائیں اور شفافیت کے تمام تقاضے پورے کئے جائیں، اجلاس میں متعلقہ محکموں کے افسران نے بریفنگ دیتے ہوئے بتایا کہ سکولوں میں اساتذہ کی کمی دور کرنے کے لئے بھرتیوں کا عمل شروع کر دیا گیا ہے جبکہ ہسپتالوں میں ادویات کی فراہمی کو بھی یقینی بنایا جا رہا ہے، انہوں نے مزید کہا کہ صوبے کے دور دراز علاقوں میں پینے کے صاف پانی کی فراہمی کے لئے سولر سسٹم نصب کئے جا رہے ہیں اور زرعی شعبے کی ترقی کے لئے کسانوں کو جدید سہولیات فراہم کی جائیں گی۔
کوئٹہ (اسٹاف رپورٹر) صوبائی حکومت بلوچستان کے ترجمان نے کہا ہے کہ صوبے میں تعلیم، صحت اور بنیادی ڈھانچے کی بہتری کے لئے ترقیاتی منصوبوں پر تیزی سے کام جاری ہے اور عوام کو ریلیف کی فراہمی حکومت کی اولین ترجیح ہے، انہوں نے کہا کہ ضلعی انتظامیہ کو ہدایت کی گئی ہے کہ وہ منصوبوں کی بروقت تکمیل کو یقینی بنائیں اور شفافیت کے تمام تقاضے پورے کئے جائیں، اجلاس میں متعلقہ محکموں کے افسران نے بریفنگ دیتے ہوئے بتایا کہ سکولوں میں اساتذہ کی کمی دور کرنے کے لئے بھرتیوں کا عمل شروع کر دیا گیا ہے جبکہ ہسپتالوں میں ادویات کی فراہمی کو بھی یقینی بنایا جا رہا ہے، انہوں نے مزید کہا کہ صوبے کے دور دراز علاقوں میں پینے کے صاف پانی کی فراہمی کے لئے سولر سسٹم نصب کئے جا رہے ہیں اور زرعی شعبے کی ترقی کے لئے کسانوں کو جدید سہولیات فراہم کی جائیں گی۔
34	روزنامہ میزان کوئٹہ بقیہ
کوئٹہ (اسٹاف رپورٹر) صوبائی حکومت بلوچستان کے ترجمان نے کہا ہے کہ صوبے میں تعلیم، صحت اور بنیادی ڈھانچے کی بہتری کے لئے ترقیاتی منصوبوں پر تیزی سے کام جاری ہے اور عوام کو ریلیف کی فراہمی حکومت کی اولین ترجیح ہے، انہوں نے کہا کہ ضلعی انتظامیہ کو ہدایت کی گئی ہے کہ وہ منصوبوں کی بروقت تکمیل کو یقینی بنائیں اور شفافیت کے تمام تقاضے پورے کئے جائیں، اجلاس میں متعلقہ محکموں کے افسران نے بریفنگ دیتے ہوئے بتایا کہ سکولوں میں اساتذہ کی کمی دور کرنے کے لئے بھرتیوں کا عمل شروع کر دیا گیا ہے جبکہ ہسپتالوں میں ادویات کی فراہمی کو بھی یقینی بنایا جا رہا ہے، انہوں نے مزید کہا کہ صوبے کے دور دراز علاقوں میں پینے کے صاف پانی کی فراہمی کے لئے سولر سسٹم نصب کئے جا رہے ہیں اور زرعی شعبے کی ترقی کے لئے کسانوں کو جدید سہولیات فراہم کی جائیں گی۔
کوئٹہ (اسٹاف رپورٹر) صوبائی حکومت بلوچستان کے ترجمان نے کہا ہے کہ صوبے میں تعلیم، صحت اور بنیادی ڈھانچے کی بہتری کے لئے ترقیاتی منصوبوں پر تیزی سے کام جاری ہے اور عوام کو ریلیف کی فراہمی حکومت کی اولین ترجیح ہے، انہوں نے کہا کہ ضلعی انتظامیہ کو ہدایت کی گئی ہے کہ وہ منصوبوں کی بروقت تکمیل کو یقینی بنائیں اور شفافیت کے تمام تقاضے پورے کئے جائیں، اجلاس میں متعلقہ محکموں کے افسران نے بریفنگ دیتے ہوئے بتایا کہ سکولوں میں اساتذہ کی کمی دور کرنے کے لئے بھرتیوں کا عمل شروع کر دیا گیا ہے جبکہ ہسپتالوں میں ادویات کی فراہمی کو بھی یقینی بنایا جا رہا ہے، انہوں نے مزید کہا کہ صوبے کے دور دراز علاقوں میں پینے کے صاف پانی کی فراہمی کے لئے سولر سسٹم نصب کئے جا رہے ہیں اور زرعی شعبے کی ترقی کے لئے کسانوں کو جدید سہولیات فراہم کی جائیں گی۔
35	روزنامہ میزان کوئٹہ بقیہ
کوئٹہ (اسٹاف رپورٹر) صوبائی حکومت بلوچستان کے ترجمان نے کہا ہے کہ صوبے میں تعلیم، صحت اور بنیادی ڈھانچے کی بہتری کے لئے ترقیاتی منصوبوں پر تیزی سے کام جاری ہے اور عوام کو ریلیف کی فراہمی حکومت کی اولین ترجیح ہے، انہوں نے کہا کہ ضلعی انتظامیہ کو ہدایت کی گئی ہے کہ وہ منصوبوں کی بروقت تکمیل کو یقینی بنائیں اور شفافیت کے تمام تقاضے پورے کئے جائیں، اجلاس میں متعلقہ محکموں کے افسران نے بریفنگ دیتے ہوئے بتایا کہ سکولوں میں اساتذہ کی کمی دور کرنے کے لئے بھرتیوں کا عمل شروع کر دیا گیا ہے جبکہ ہسپتالوں میں ادویات کی فراہمی کو بھی یقینی بنایا جا رہا ہے، انہوں نے مزید کہا کہ صوبے کے دور دراز علاقوں میں پینے کے صاف پانی کی فراہمی کے لئے سولر سسٹم نصب کئے جا رہے ہیں اور زرعی شعبے کی ترقی کے لئے کسانوں کو جدید سہولیات فراہم کی جائیں گی۔
کوئٹہ (اسٹاف رپورٹر) صوبائی حکومت بلوچستان کے ترجمان نے کہا ہے کہ صوبے میں تعلیم، صحت اور بنیادی ڈھانچے کی بہتری کے لئے ترقیاتی منصوبوں پر تیزی سے کام جاری ہے اور عوام کو ریلیف کی فراہمی حکومت کی اولین ترجیح ہے، انہوں نے کہا کہ ضلعی انتظامیہ کو ہدایت کی گئی ہے کہ وہ منصوبوں کی بروقت تکمیل کو یقینی بنائیں اور شفافیت کے تمام تقاضے پورے کئے جائیں، اجلاس میں متعلقہ محکموں کے افسران نے بریفنگ دیتے ہوئے بتایا کہ سکولوں میں اساتذہ کی کمی دور کرنے کے لئے بھرتیوں کا عمل شروع کر دیا گیا ہے جبکہ ہسپتالوں میں
◉	✶
TENDER NOTICE
The ADMINISTRATION (COLLEGE DIRECTORATE) invites bids from eligible Bidders for supply of following items. TSE-25260297711 Only electronic bid will be submitted, No physical bid is required. Note: In All Procurements of GOB Whether Through Electronic or Manual Bid Submission, It is Mandatory For All Bidders to Get Registered At Electronic Public Procurement System of BPPRA GOB.T/Fee 1000/-
S.No	Class of Object	Bid Security
1	Furniture & Fixtures (Total Item(s) Count: 18)	2%
Procurements shall be made under the Balochistan Public Procurement Rules – 2014. Eligibility of Bidders: 1 Assignments of Similar Nature and Complexity 7,000,000 in Previous 1 Years Turn over of at least 7,000,000 PKR in 1 Subsequent Previous Years Presence in Active Tax Payer List Sales Tax Certificate The bidding firm must not be currently blacklisted by any procuring agency of Pakistan (A/ is not permissible Submission of the required Bid Security In case bid Security is not found as required during financial evaluation the bidding firm shall be declared as in-eligible and non-responsive Submission of the required Bidding document Fee Bidder must provide an affidavit on stamp paper Rs.100/- in favor of the procuring agency with the tender TSE Number and work title, on notarized stamp paper (Rs.100/-) to complete the work within 3 month. Warranty certificate provided by the bidder for furniture being termite/ free for at least one year from the date of delivery FBR code 310000 manufacturing/manufacture of furniture Registration of Industries Department Last three years Audit Reports Tenancy agreement OR ownership document of the Factory Premises and copy of Recently paid utility Bills (Maximum three months old). In case the bidder's quoted rate is more than 10% below the Engineer's Estimate, the lowest bidder shall be required to furnish an Additional Guarantee equivalent to the amount of difference below the Engineer's Estimate within fourteen (14) days of uploading the financial bid. A declaration to this effect shall be submitted with the tender TSE Number and title on a stamp paper worth Rs. 100/-, duly signed and attested. Affidavit on stamp paper Rs.100/- in favor of the procuring agency with the tender TSE Number and work title, duly notarized to the effect that the bidder has submitted, correct and complete information along with the bid/offer. If any document/information is found forged/ engineered/ fake/bogus at any stage, the bidder will be declared blacklisted in accordance with the law followed by forfeiture of performance guarantee or call deposit. The supplier /contractor/company has settled all there tax obligations & has no pending demands or disputes with the FBR tax authorities. Bidder must provide samples of quoted furniture items. Procedure Of Procurement: Single Stage Two Envelope Bidding Procedure Bid Security: The bids must accompany Bid Security in the form of Deposit at Call of 2 % specified above in the name of the under-signed from a scheduled bank. Tender Documents: The NIT & Bidding Document can be obtained electronically from www.bppra.gob.pk Issuance of tender Documents: Complete Bidding Document can be viewed at www.bppra.gob.pk Last Date of bid submission: Bid can only be submitted electronically latest by 04 May, 2026till 11:00 AM through supplier dashboard. Tender opening: All tenders will be opened on same day at 12:00 PM on EPPS System Address: Planning Section Directorate of colleges & Higher education Shawokshah road Quetta Phone no: 3337935623Fax no: 0819202676
Email: directorclgs@gmail.com
Director
ADMINISTRATION (COLLEGE DIRECTORATE)
PRQ No.4652/16-04-2026
◉	✶
LAND ACQUISTION
"NOTICE UNDER SECTION-IV OF LAND ACQUISITION ACT 1894"
"ACQUISITION OF LAND FOR CONSTRUCTION OF SARIAB ROAD, QUETTA"
Whereas it appears to the Deputy Commissioner/Collector, Quetta (declared as Acquiring Department as per Board of Revenue Balochistan, Quetta's Order bearing No.01 / Revenue / 2017 / Quetta /569-84 dated 05th December, 2017) that left over already utilized land measuring 26789 Sft. bearing different Khasra numbers, situated in different Mahal & Mouzas (details given in the schedule appended below), is acquired by the Deputy Commissioner/Collector, Quetta, for public purpose namely "Construction of Sariab Road, Quetta". It is hereby notified that the land in the locality prescribed below is likely to be acquired for the aforesaid purpose.
2. This declaration is made under Section 4 of Land Acquisition Act, 1894 (1 of 1894), to all whom it may concern.
3. In exercise of the powers conferred by the said Section, the Deputy Commissioner / Collector, Quetta District, is pleased to authorize the officers, their servants and workmen for the time being engaged in undertaking work on the subject land to enter upon and survey the land in the locality and do all other acts, required or permitted by the said Section.
4. Any person having interest in the land who has any objection to the acquisition of the above mentioned land may, as given under Section 5 (A) of the said Act, file objections in writing before the Deputy Commissioner / Collector, Quetta District, within Thirty Days (30) of the publication of this notification.
SCHEDULE.
S.#	Mahal & Mauza.	Mutation No.	Khasra No.	Area to be acquired.	Name of Owners.
1	Mahal Karez Amanullah, Mouza Kech Baig,- II, Tehsil Sariab Quetta	120	1093/1092/688	5725 sqft	Ali Baig s/o Khiar ud Din
2	-do-	144	1091/688	5094 Sqft	Abdul Majeed s/o Mir Kaleem
3	-do-	138	787/690,1040/791/789/690, Qita-2	6411 sqft	Syed Nazeer Ahmed s/o Syed Muhammad
4	-do-	Khewat No. 27, Khatooni No.28	788/690	3851 Sqft	Syed Sultan Muhammad s/o Syed Muhammad (Masjid)
5	-do-	138	1041/791/784/690	1428 Sqft	Syed Ali Ahmed s/o Syed Haji Sher Muhammad
6	-do-	Khewat No. 33, Khatooni No.34	1031/791/690/1034 /791/690/1035 Qita-3	1362 Sqft	Syed Mehboob Ahmed s/o Noor Ahmed
7	-do-	-	-	1938 Sqft	Quetta Goods Transport Agency
8	Mahal & Mouza Khushkaba Kareezat Sariab,Tappa Kechi Baig, Tehsil Sariab Quetta	13037/13434	794/515	880 sft	Syed Kamil Shah, Syed Hassan Shah, Syed Ali Raza Shah, Syed Ishaq Ali Shah, Syed Israr Ali Shah, Syed Ejaz Ali Shah, Syed Sher Ali Shah all sons of Ali Haider Shah
9	-do-	7928	Qita-7	100 sft	Abdul Ahad, Abdul Samad both sons of Allah Dad Caste Kurd
Total area				26789 square feet	
Deputy Commissioner/Collector,
Quetta
PRQ No.4655/16-04-2026
◉	✿
TENDER NOTICE
The Deputy Director Agriculture OFWM Nushki invites sealed tender/ bids from eligible bidders for execution of following work(s) under the project National Programme for Enhancing Command Area of Small & Mini Dams in Barani Areas of Pakistan (Balochistan Component) for the years 2025-26 based on Balochistan Composite Schedule of Rates 2018.
S#	Name of Work/s	T/Cost
1	Deve: of Dug Well, Inst: of Solar System for Dug Well, Provision of Fruit Plants, Oil/Pulses/Fodder/ Forage/Range Seeds TSE No. 252604102273	17,461,759
Note: In all Procurements of GOB whether through Electronic or Manual Bid submission, it is mandatory for all Bidders to get registered at Electronic Public Procurement System of BPPRA GOB. Procurements shall be made under BPPRA Rules 2014 Eligibility of Bidders: Presence in Active Tax Payer List The bidding firm must not be blacklisted by any procuring agency of Pakistan Balochistan Revenue Authority Registration is required The bidder must have completed 3 Assignment of similar nature of work Turnover of at least 12,223,231 PKR Amount in 3 subsequent previous years showing financial capacity of the firm Registration with Pakistan Engineering council (PEC) C-6 and above (upto 25 million) in relevant category and specialized code is CE04 (i) (Dams/Water Retaining Structures), CE09 (ii) (Water Supply), CE10 (i) (General Civil Engineering Works), EE11 (vi) (Solar Installation). Income Tax Return of Taxation Year FY 2022-23, 2023-24 & 2024-25 Audit Report/Audit Balance Sheet of FY 2022-23, 2023-24 & 2024-25 Bank Credit Line Certificate of tender amount or above. The issuance date of Certificate by the Banker's shall not be older than March 2026. Older certificate would not be considered Tender Document Fee @ Rs. 1,000/PKR Call Deposit @ 2% of Tender Cost Procedure of Procurement: Single Stage Two Envelope Bidding Procedure Bid Security: The bids must accompany bid security in the form of Bank guarantee, Deposit at Call of 2% specified above in the name of the under-signed from a scheduled bank. Tender Documents: The tender documents can be obtained from the office of the under-signed against the payment of Rs. 1000/- From the date of publication of NIT to 04 May, 2026 during office hours on working days Last Date of bid submission: The Tenders must be submitted latest by 04 May, 2026 till 10:00AM. Tender opening: All tenders will be opened on same day at the office of the under-signed at 11:00AM Address: Office of the Deputy Director Agriculture OFWM Nushki Contact: - 03337797446
Deputy Director Agriculture
On Farm Water Management
Nushki
PRQ No.4659/16-04-2026
www.dpr.gob.pk @dpr_gob dpr.gob @dprbalochistan	www.dpr.gob.pk @dpr_gob dpr.gob @dprbalochistan	www.dpr.gob.pk @dpr_gob dpr.gob @dprbalochistan
